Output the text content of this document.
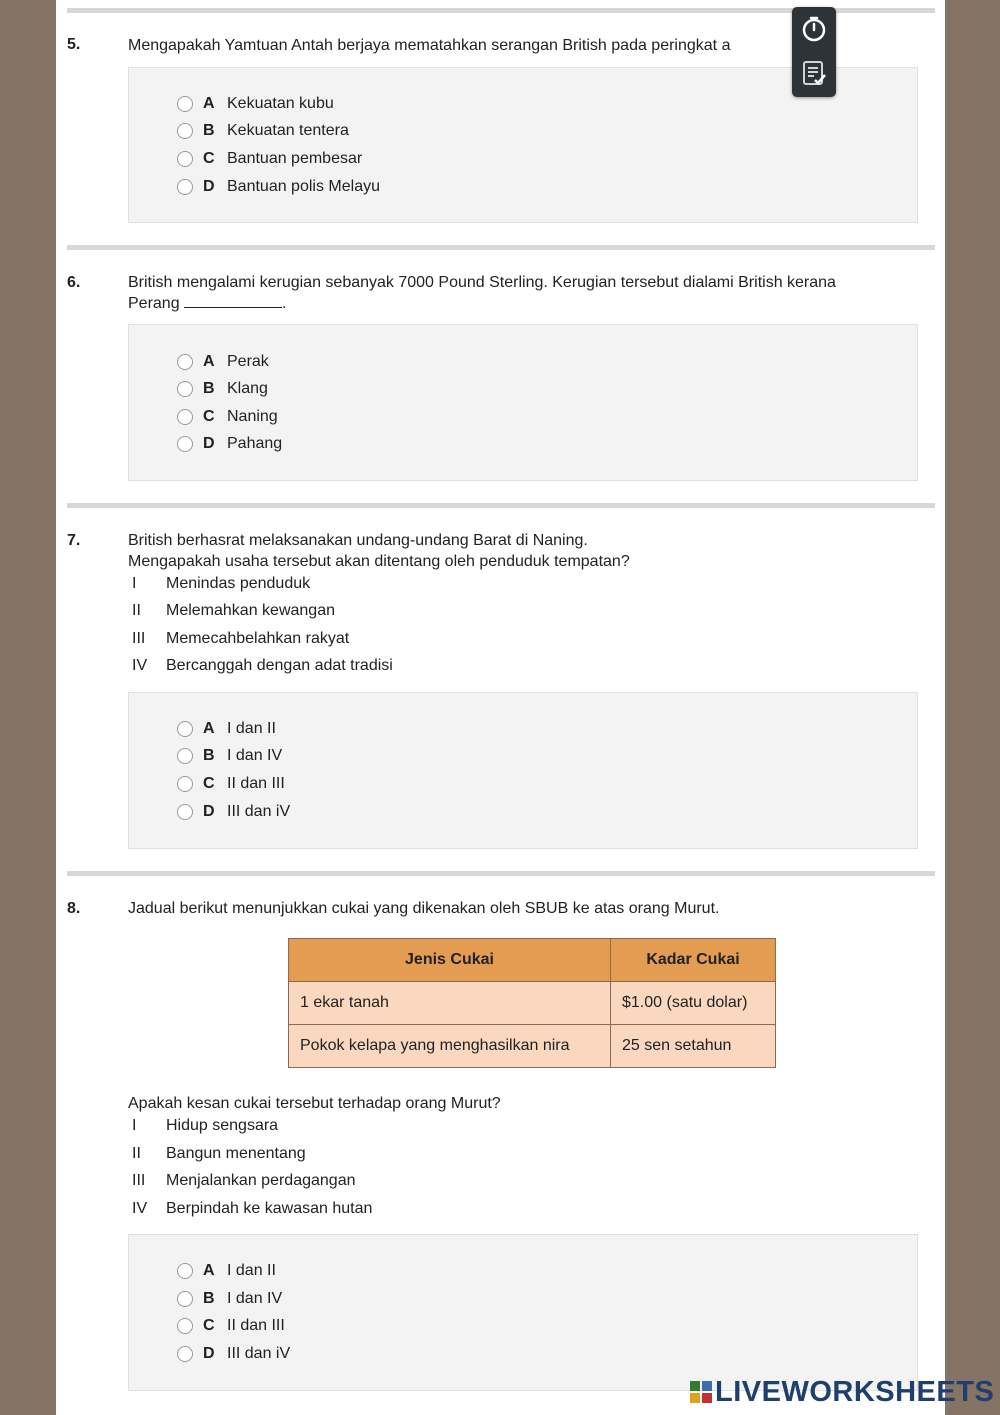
5.	Mengapakah Yamtuan Antah berjaya mematahkan serangan British pada peringkat a
A Kekuatan kubu
B Kekuatan tentera
C Bantuan pembesar
D Bantuan polis Melayu
6.	British mengalami kerugian sebanyak 7000 Pound Sterling. Kerugian tersebut dialami British kerana
Perang	.
A Perak
B Klang
C Naning
D Pahang
7.	British berhasrat melaksanakan undang-undang Barat di Naning.
Mengapakah usaha tersebut akan ditentang oleh penduduk tempatan?
I Menindas penduduk
II Melemahkan kewangan
III Memecahbelahkan rakyat
IV Bercanggah dengan adat tradisi
A I dan II
B I dan IV
C II dan III
D III dan iV
8.	Jadual berikut menunjukkan cukai yang dikenakan oleh SBUB ke atas orang Murut.
Jenis Cukai	Kadar Cukai
1 ekar tanah	$1.00 (satu dolar)
Pokok kelapa yang menghasilkan nira	25 sen setahun
Apakah kesan cukai tersebut terhadap orang Murut?
I Hidup sengsara
II Bangun menentang
III Menjalankan perdagangan
IV Berpindah ke kawasan hutan
A I dan II
B I dan IV
C II dan III
D III dan iV
LIVEWORKSHEETS
